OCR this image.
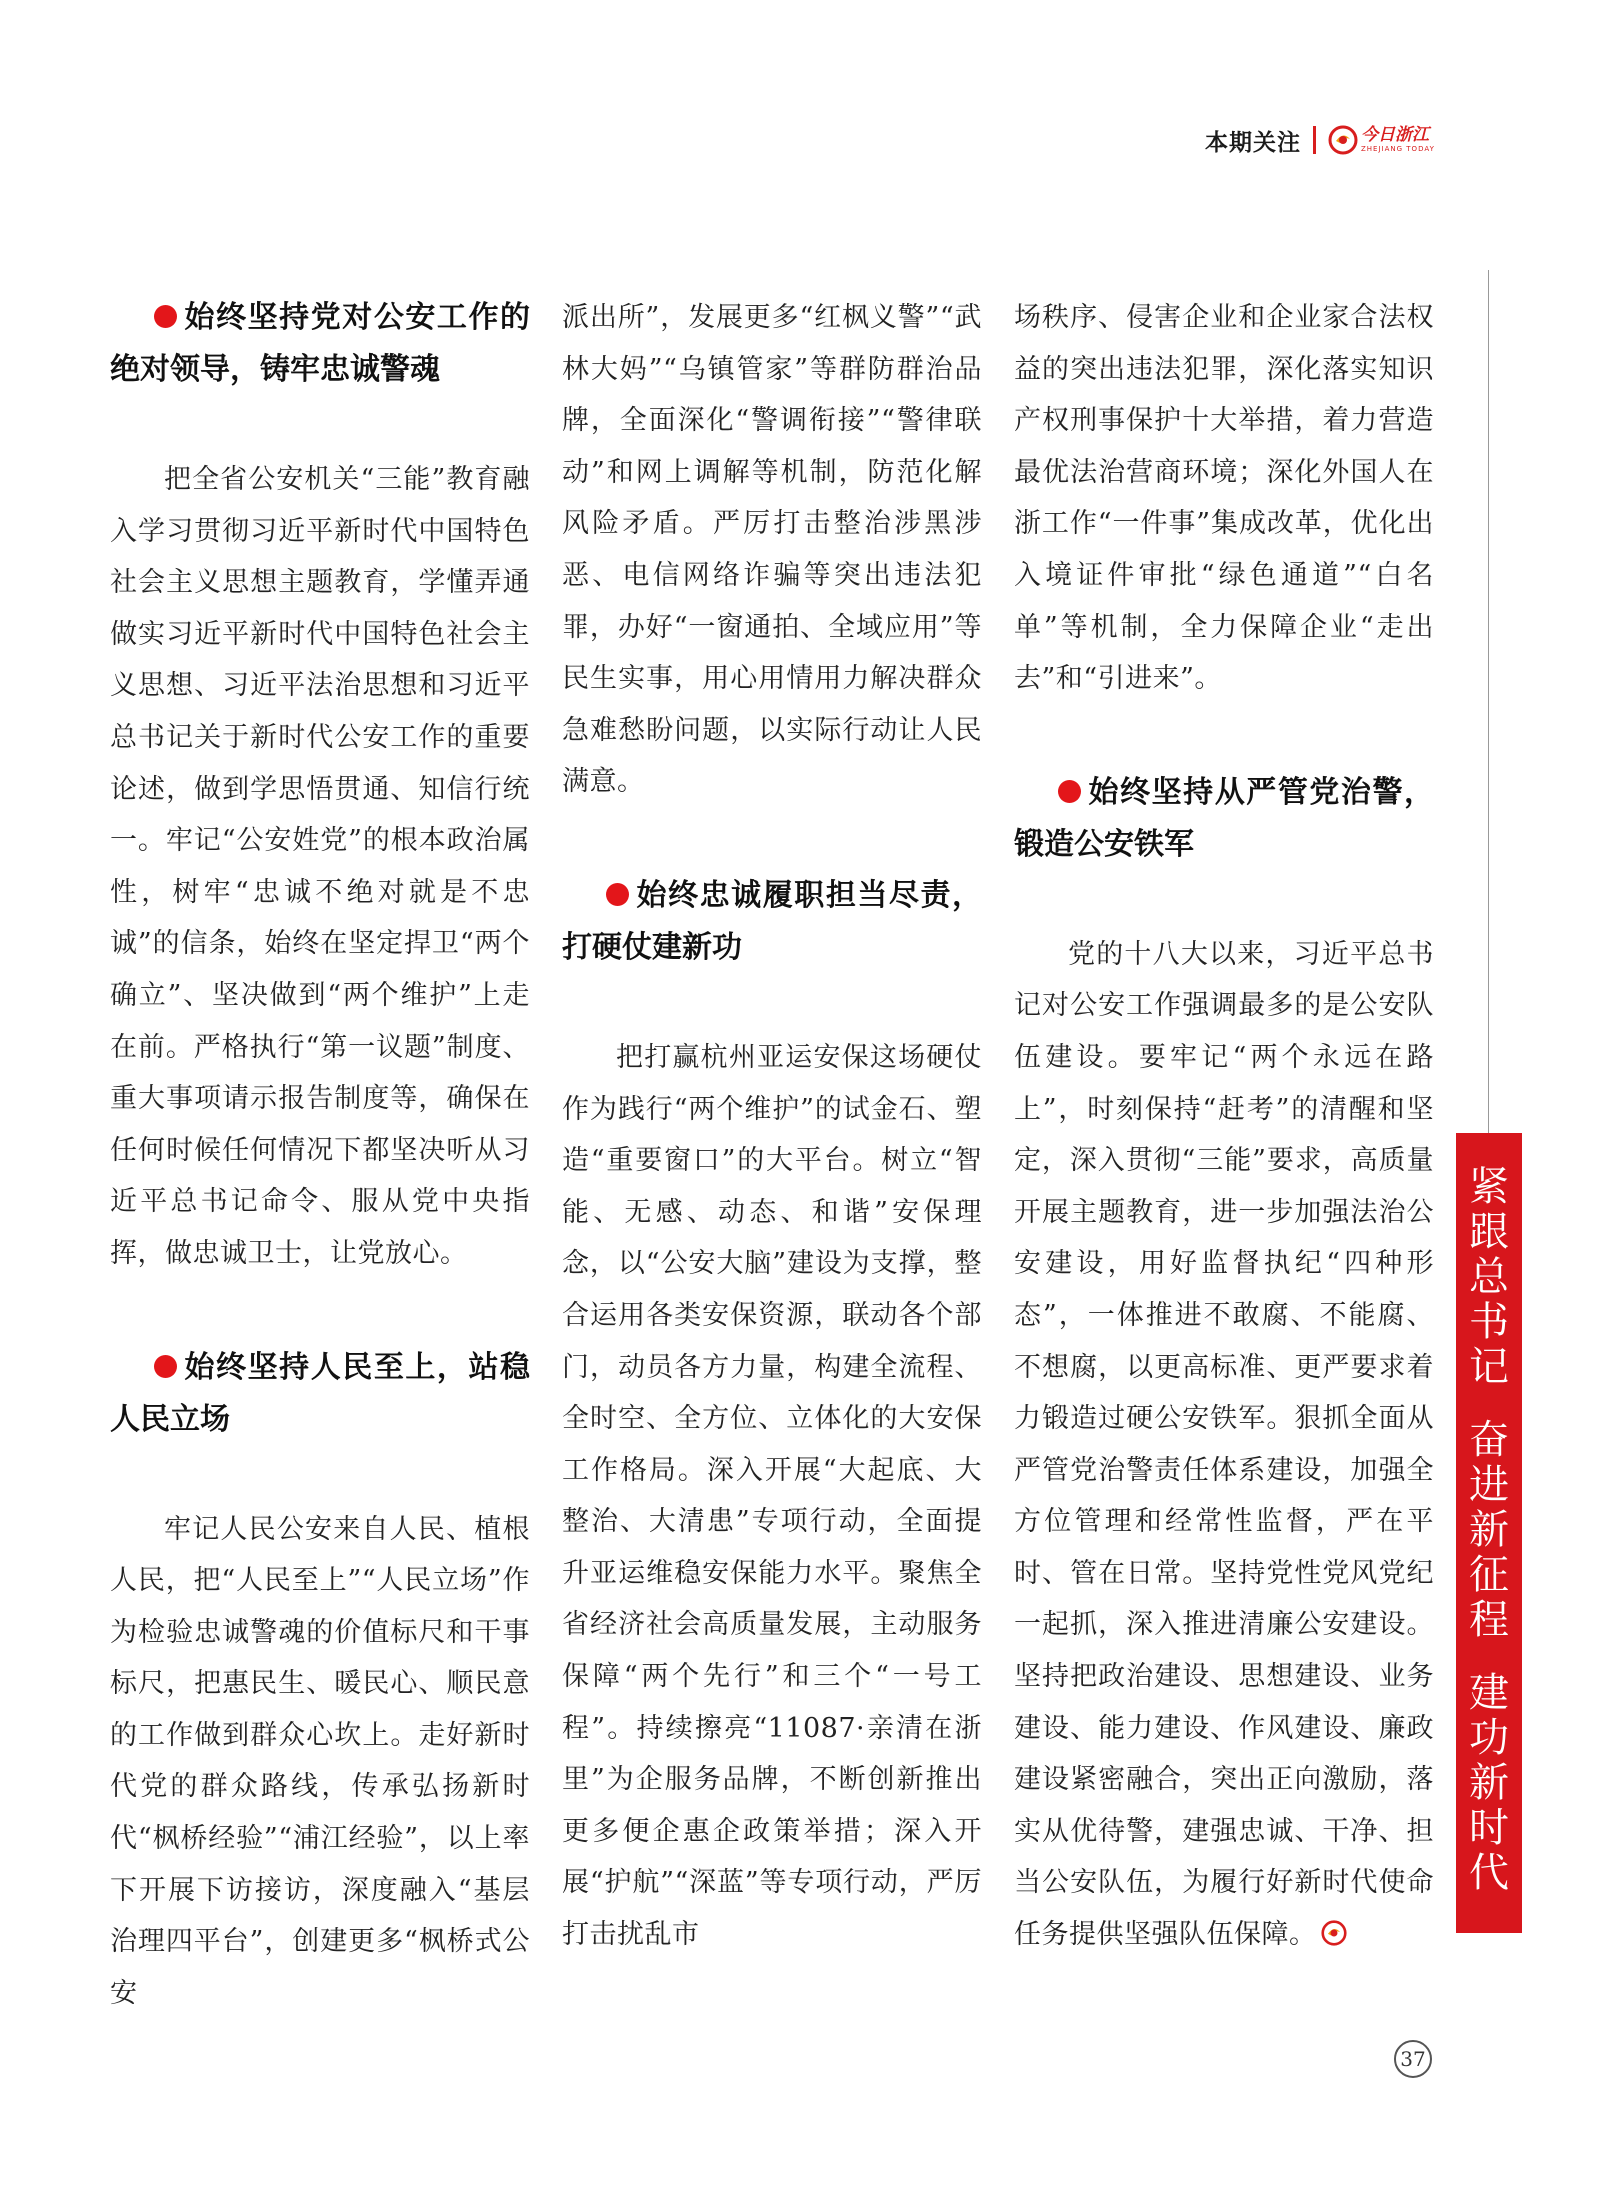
本期关注	今日浙江
ZHEJIANG TODAY
始终坚持党对公安工作的绝对领导，铸牢忠诚警魂

把全省公安机关“三能”教育融入学习贯彻习近平新时代中国特色社会主义思想主题教育，学懂弄通做实习近平新时代中国特色社会主义思想、习近平法治思想和习近平总书记关于新时代公安工作的重要论述，做到学思悟贯通、知信行统一。牢记“公安姓党”的根本政治属性，树牢“忠诚不绝对就是不忠诚”的信条，始终在坚定捍卫“两个确立”、坚决做到“两个维护”上走在前。严格执行“第一议题”制度、重大事项请示报告制度等，确保在任何时候任何情况下都坚决听从习近平总书记命令、服从党中央指挥，做忠诚卫士，让党放心。

始终坚持人民至上，站稳人民立场

牢记人民公安来自人民、植根人民，把“人民至上”“人民立场”作为检验忠诚警魂的价值标尺和干事标尺，把惠民生、暖民心、顺民意的工作做到群众心坎上。走好新时代党的群众路线，传承弘扬新时代“枫桥经验”“浦江经验”，以上率下开展下访接访，深度融入“基层治理四平台”，创建更多“枫桥式公安

派出所”，发展更多“红枫义警”“武林大妈”“乌镇管家”等群防群治品牌，全面深化“警调衔接”“警律联动”和网上调解等机制，防范化解风险矛盾。严厉打击整治涉黑涉恶、电信网络诈骗等突出违法犯罪，办好“一窗通拍、全域应用”等民生实事，用心用情用力解决群众急难愁盼问题，以实际行动让人民满意。

始终忠诚履职担当尽责，打硬仗建新功

把打赢杭州亚运安保这场硬仗作为践行“两个维护”的试金石、塑造“重要窗口”的大平台。树立“智能、无感、动态、和谐”安保理念，以“公安大脑”建设为支撑，整合运用各类安保资源，联动各个部门，动员各方力量，构建全流程、全时空、全方位、立体化的大安保工作格局。深入开展“大起底、大整治、大清患”专项行动，全面提升亚运维稳安保能力水平。聚焦全省经济社会高质量发展，主动服务保障“两个先行”和三个“一号工程”。持续擦亮“11087·亲清在浙里”为企服务品牌，不断创新推出更多便企惠企政策举措；深入开展“护航”“深蓝”等专项行动，严厉打击扰乱市

场秩序、侵害企业和企业家合法权益的突出违法犯罪，深化落实知识产权刑事保护十大举措，着力营造最优法治营商环境；深化外国人在浙工作“一件事”集成改革，优化出入境证件审批“绿色通道”“白名单”等机制，全力保障企业“走出去”和“引进来”。

始终坚持从严管党治警，锻造公安铁军

党的十八大以来，习近平总书记对公安工作强调最多的是公安队伍建设。要牢记“两个永远在路上”，时刻保持“赶考”的清醒和坚定，深入贯彻“三能”要求，高质量开展主题教育，进一步加强法治公安建设，用好监督执纪“四种形态”，一体推进不敢腐、不能腐、不想腐，以更高标准、更严要求着力锻造过硬公安铁军。狠抓全面从严管党治警责任体系建设，加强全方位管理和经常性监督，严在平时、管在日常。坚持党性党风党纪一起抓，深入推进清廉公安建设。坚持把政治建设、思想建设、业务建设、能力建设、作风建设、廉政建设紧密融合，突出正向激励，落实从优待警，建强忠诚、干净、担当公安队伍，为履行好新时代使命任务提供坚强队伍保障。

紧
跟
总
书
记
奋
进
新
征
程
建
功
新
时
代
37
